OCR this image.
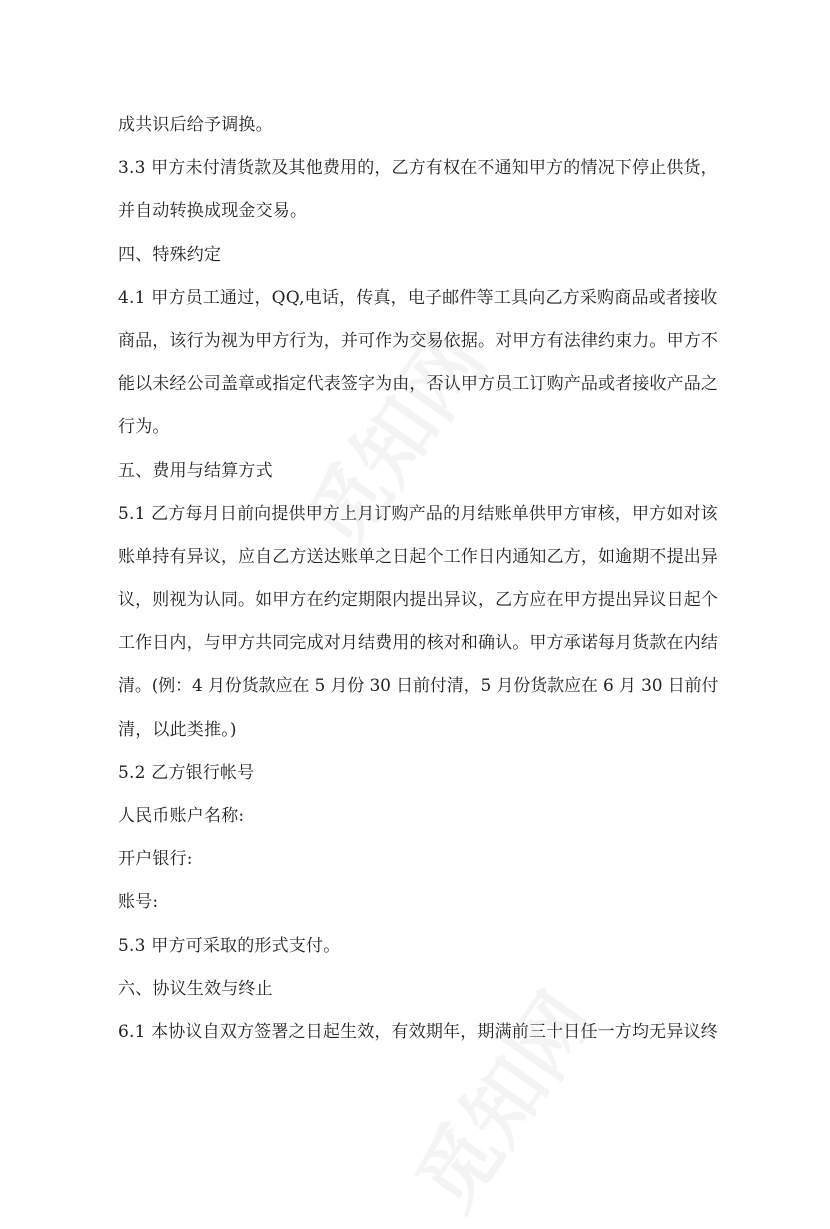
成共识后给予调换。
3.3 甲方未付清货款及其他费用的，乙方有权在不通知甲方的情况下停止供货，
并自动转换成现金交易。
四、特殊约定
4.1 甲方员工通过，QQ,电话，传真，电子邮件等工具向乙方采购商品或者接收
商品，该行为视为甲方行为，并可作为交易依据。对甲方有法律约束力。甲方不
能以未经公司盖章或指定代表签字为由，否认甲方员工订购产品或者接收产品之
行为。
五、费用与结算方式
5.1 乙方每月日前向提供甲方上月订购产品的月结账单供甲方审核，甲方如对该
账单持有异议，应自乙方送达账单之日起个工作日内通知乙方，如逾期不提出异
议，则视为认同。如甲方在约定期限内提出异议，乙方应在甲方提出异议日起个
工作日内，与甲方共同完成对月结费用的核对和确认。甲方承诺每月货款在内结
清。(例：4 月份货款应在 5 月份 30 日前付清，5 月份货款应在 6 月 30 日前付
清，以此类推。)
5.2 乙方银行帐号
人民币账户名称:
开户银行:
账号:
5.3 甲方可采取的形式支付。
六、协议生效与终止
6.1 本协议自双方签署之日起生效，有效期年，期满前三十日任一方均无异议终
